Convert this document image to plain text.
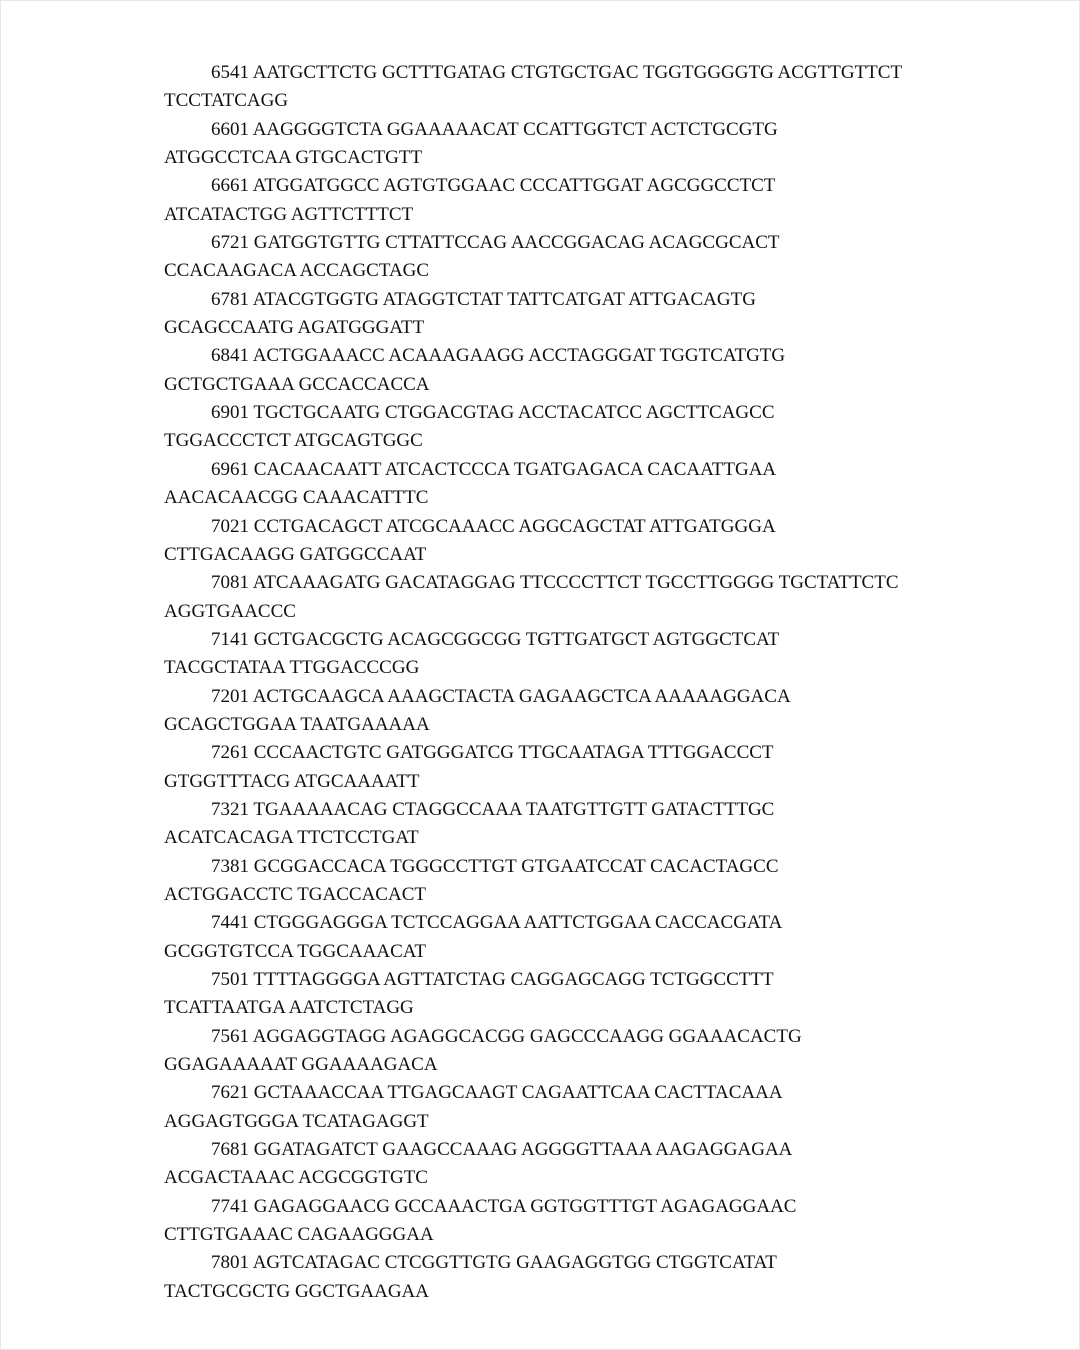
6541 AATGCTTCTG GCTTTGATAG CTGTGCTGAC TGGTGGGGTG ACGTTGTTCT
TCCTATCAGG
6601 AAGGGGTCTA GGAAAAACAT CCATTGGTCT ACTCTGCGTG
ATGGCCTCAA GTGCACTGTT
6661 ATGGATGGCC AGTGTGGAAC CCCATTGGAT AGCGGCCTCT
ATCATACTGG AGTTCTTTCT
6721 GATGGTGTTG CTTATTCCAG AACCGGACAG ACAGCGCACT
CCACAAGACA ACCAGCTAGC
6781 ATACGTGGTG ATAGGTCTAT TATTCATGAT ATTGACAGTG
GCAGCCAATG AGATGGGATT
6841 ACTGGAAACC ACAAAGAAGG ACCTAGGGAT TGGTCATGTG
GCTGCTGAAA GCCACCACCA
6901 TGCTGCAATG CTGGACGTAG ACCTACATCC AGCTTCAGCC
TGGACCCTCT ATGCAGTGGC
6961 CACAACAATT ATCACTCCCA TGATGAGACA CACAATTGAA
AACACAACGG CAAACATTTC
7021 CCTGACAGCT ATCGCAAACC AGGCAGCTAT ATTGATGGGA
CTTGACAAGG GATGGCCAAT
7081 ATCAAAGATG GACATAGGAG TTCCCCTTCT TGCCTTGGGG TGCTATTCTC
AGGTGAACCC
7141 GCTGACGCTG ACAGCGGCGG TGTTGATGCT AGTGGCTCAT
TACGCTATAA TTGGACCCGG
7201 ACTGCAAGCA AAAGCTACTA GAGAAGCTCA AAAAAGGACA
GCAGCTGGAA TAATGAAAAA
7261 CCCAACTGTC GATGGGATCG TTGCAATAGA TTTGGACCCT
GTGGTTTACG ATGCAAAATT
7321 TGAAAAACAG CTAGGCCAAA TAATGTTGTT GATACTTTGC
ACATCACAGA TTCTCCTGAT
7381 GCGGACCACA TGGGCCTTGT GTGAATCCAT CACACTAGCC
ACTGGACCTC TGACCACACT
7441 CTGGGAGGGA TCTCCAGGAA AATTCTGGAA CACCACGATA
GCGGTGTCCA TGGCAAACAT
7501 TTTTAGGGGA AGTTATCTAG CAGGAGCAGG TCTGGCCTTT
TCATTAATGA AATCTCTAGG
7561 AGGAGGTAGG AGAGGCACGG GAGCCCAAGG GGAAACACTG
GGAGAAAAAT GGAAAAGACA
7621 GCTAAACCAA TTGAGCAAGT CAGAATTCAA CACTTACAAA
AGGAGTGGGA TCATAGAGGT
7681 GGATAGATCT GAAGCCAAAG AGGGGTTAAA AAGAGGAGAA
ACGACTAAAC ACGCGGTGTC
7741 GAGAGGAACG GCCAAACTGA GGTGGTTTGT AGAGAGGAAC
CTTGTGAAAC CAGAAGGGAA
7801 AGTCATAGAC CTCGGTTGTG GAAGAGGTGG CTGGTCATAT
TACTGCGCTG GGCTGAAGAA
